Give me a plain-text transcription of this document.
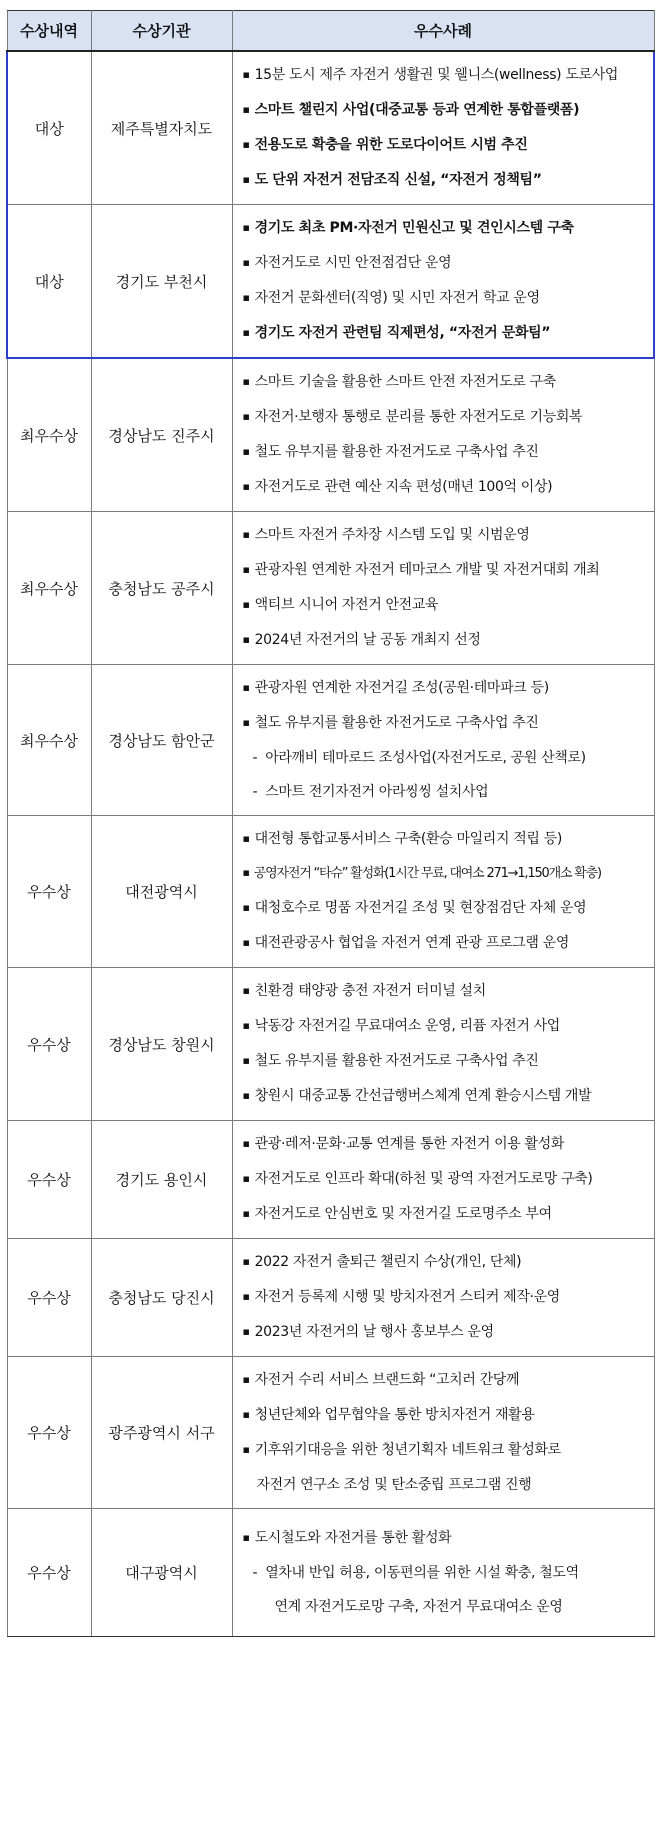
수상내역	수상기관	우수사례
대상	제주특별자치도	▪ 15분 도시 제주 자전거 생활권 및 웰니스(wellness) 도로사업
▪ 스마트 챌린지 사업(대중교통 등과 연계한 통합플랫폼)
▪ 전용도로 확충을 위한 도로다이어트 시범 추진
▪ 도 단위 자전거 전담조직 신설, “자전거 정책팀”

대상	경기도 부천시	▪ 경기도 최초 PM·자전거 민원신고 및 견인시스템 구축
▪ 자전거도로 시민 안전점검단 운영
▪ 자전거 문화센터(직영) 및 시민 자전거 학교 운영
▪ 경기도 자전거 관련팀 직제편성, “자전거 문화팀”

최우수상	경상남도 진주시	▪ 스마트 기술을 활용한 스마트 안전 자전거도로 구축
▪ 자전거·보행자 통행로 분리를 통한 자전거도로 기능회복
▪ 철도 유부지를 활용한 자전거도로 구축사업 추진
▪ 자전거도로 관련 예산 지속 편성(매년 100억 이상)

최우수상	충청남도 공주시	▪ 스마트 자전거 주차장 시스템 도입 및 시범운영
▪ 관광자원 연계한 자전거 테마코스 개발 및 자전거대회 개최
▪ 액티브 시니어 자전거 안전교육
▪ 2024년 자전거의 날 공동 개최지 선정

최우수상	경상남도 함안군	▪ 관광자원 연계한 자전거길 조성(공원·테마파크 등)
▪ 철도 유부지를 활용한 자전거도로 구축사업 추진
- 아라깨비 테마로드 조성사업(자전거도로, 공원 산책로)
- 스마트 전기자전거 아라씽씽 설치사업

우수상	대전광역시	▪ 대전형 통합교통서비스 구축(환승 마일리지 적립 등)
▪ 공영자전거 “타슈” 활성화(1시간 무료, 대여소 271→1,150개소 확충)
▪ 대청호수로 명품 자전거길 조성 및 현장점검단 자체 운영
▪ 대전관광공사 협업을 자전거 연계 관광 프로그램 운영

우수상	경상남도 창원시	▪ 친환경 태양광 충전 자전거 터미널 설치
▪ 낙동강 자전거길 무료대여소 운영, 리퓸 자전거 사업
▪ 철도 유부지를 활용한 자전거도로 구축사업 추진
▪ 창원시 대중교통 간선급행버스체계 연계 환승시스템 개발

우수상	경기도 용인시	▪ 관광·레저·문화·교통 연계를 통한 자전거 이용 활성화
▪ 자전거도로 인프라 확대(하천 및 광역 자전거도로망 구축)
▪ 자전거도로 안심번호 및 자전거길 도로명주소 부여

우수상	충청남도 당진시	▪ 2022 자전거 출퇴근 챌린지 수상(개인, 단체)
▪ 자전거 등록제 시행 및 방치자전거 스티커 제작·운영
▪ 2023년 자전거의 날 행사 홍보부스 운영

우수상	광주광역시 서구	▪ 자전거 수리 서비스 브랜드화 “고치러 간당께
▪ 청년단체와 업무협약을 통한 방치자전거 재활용
▪ 기후위기대응을 위한 청년기획자 네트워크 활성화로
자전거 연구소 조성 및 탄소중립 프로그램 진행

우수상	대구광역시	▪ 도시철도와 자전거를 통한 활성화
- 열차내 반입 허용, 이동편의를 위한 시설 확충, 철도역
연계 자전거도로망 구축, 자전거 무료대여소 운영
